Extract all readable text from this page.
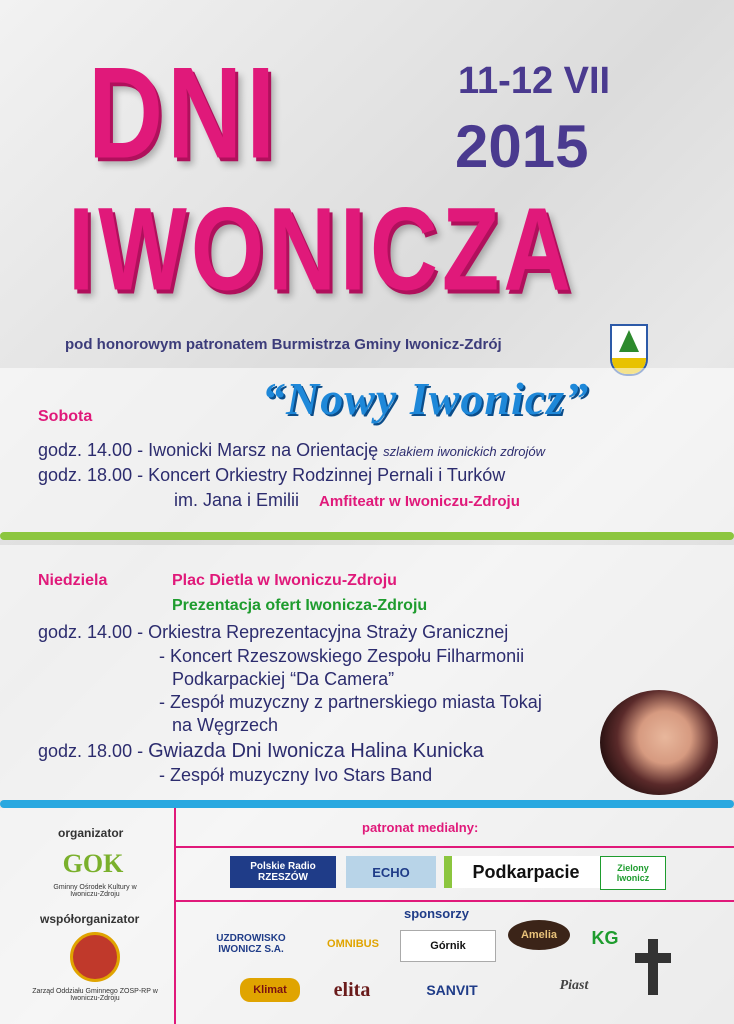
DNI
IWONICZA
11-12 VII
2015
pod honorowym patronatem Burmistrza Gminy Iwonicz-Zdrój
“Nowy Iwonicz”
Sobota
godz. 14.00 - Iwonicki Marsz na Orientację szlakiem iwonickich zdrojów
godz. 18.00 - Koncert Orkiestry Rodzinnej Pernali i Turków
im. Jana i Emilii    Amfiteatr w Iwoniczu-Zdroju
Niedziela	Plac Dietla w Iwoniczu-Zdroju
Prezentacja ofert Iwonicza-Zdroju
godz. 14.00 - Orkiestra Reprezentacyjna Straży Granicznej
- Koncert Rzeszowskiego Zespołu Filharmonii
Podkarpackiej “Da Camera”
- Zespół muzyczny z partnerskiego miasta Tokaj
na Węgrzech
godz. 18.00 - Gwiazda Dni Iwonicza Halina Kunicka
- Zespół muzyczny Ivo Stars Band
organizator
GOK
Gminny Ośrodek Kultury w Iwoniczu-Zdroju
współorganizator
Zarząd Oddziału Gminnego ZOSP-RP w Iwoniczu-Zdroju
patronat medialny:
Polskie Radio RZESZÓW	ECHO	Podkarpacie	Zielony Iwonicz
sponsorzy
UZDROWISKO IWONICZ S.A.	OMNIBUS	Górnik
Amelia	KG
Klimat	elita	SANVIT	Piast
